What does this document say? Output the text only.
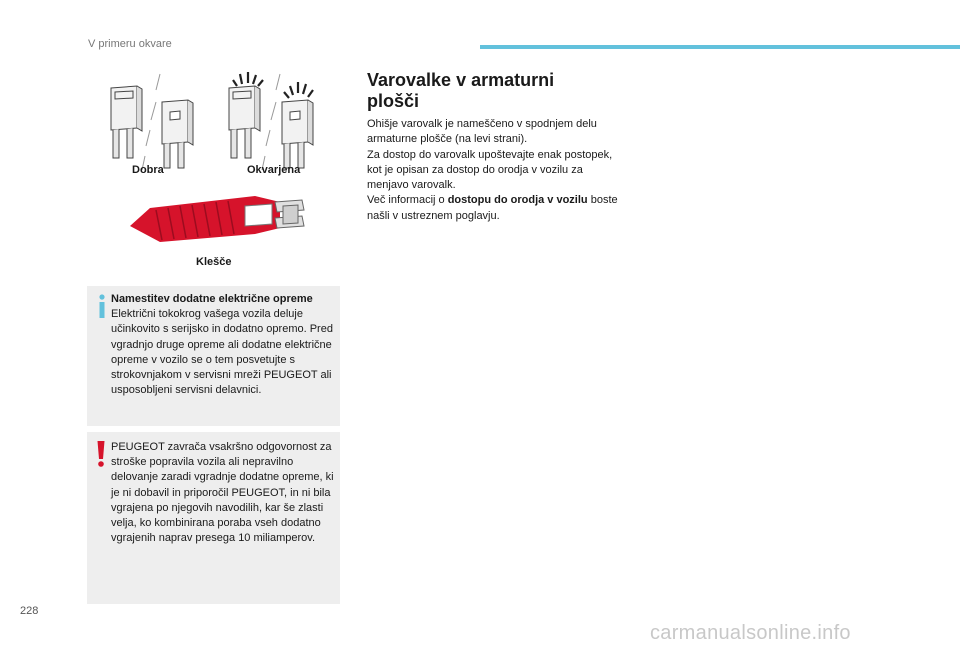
V primeru okvare
Dobra	Okvarjena
Klešče
Namestitev dodatne električne opreme
Električni tokokrog vašega vozila deluje učinkovito s serijsko in dodatno opremo. Pred vgradnjo druge opreme ali dodatne električne opreme v vozilo se o tem posvetujte s strokovnjakom v servisni mreži PEUGEOT ali usposobljeni servisni delavnici.
PEUGEOT zavrača vsakršno odgovornost za stroške popravila vozila ali nepravilno delovanje zaradi vgradnje dodatne opreme, ki je ni dobavil in priporočil PEUGEOT, in ni bila vgrajena po njegovih navodilih, kar še zlasti velja, ko kombinirana poraba vseh dodatno vgrajenih naprav presega 10 miliamperov.
Varovalke v armaturni plošči

Ohišje varovalk je nameščeno v spodnjem delu armaturne plošče (na levi strani).

Za dostop do varovalk upoštevajte enak postopek, kot je opisan za dostop do orodja v vozilu za menjavo varovalk.

Več informacij o dostopu do orodja v vozilu boste našli v ustreznem poglavju.

228
carmanualsonline.info
